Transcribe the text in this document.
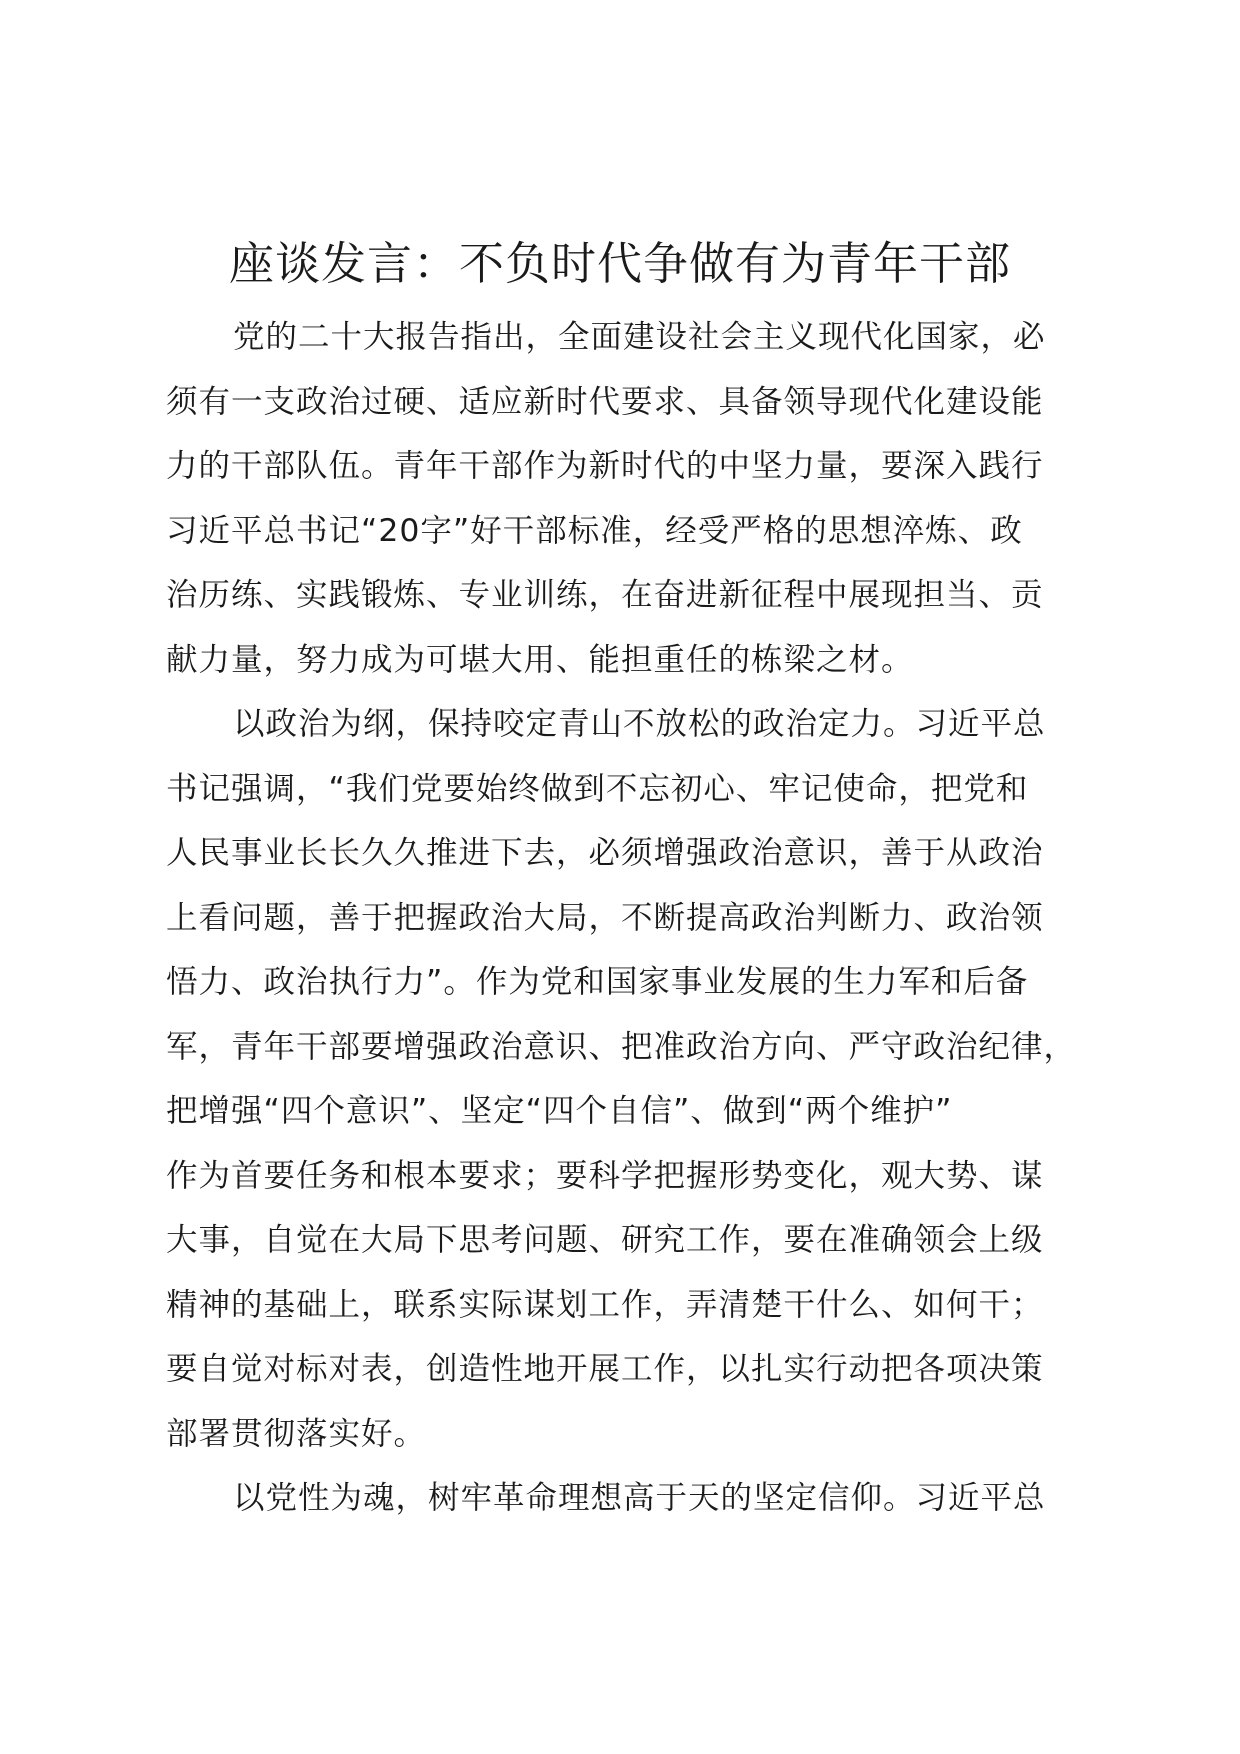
座谈发言：不负时代争做有为青年干部
党的二十大报告指出，全面建设社会主义现代化国家，必
须有一支政治过硬、适应新时代要求、具备领导现代化建设能
力的干部队伍。青年干部作为新时代的中坚力量，要深入践行
习近平总书记“20字”好干部标准，经受严格的思想淬炼、政
治历练、实践锻炼、专业训练，在奋进新征程中展现担当、贡
献力量，努力成为可堪大用、能担重任的栋梁之材。
以政治为纲，保持咬定青山不放松的政治定力。习近平总
书记强调，“我们党要始终做到不忘初心、牢记使命，把党和
人民事业长长久久推进下去，必须增强政治意识，善于从政治
上看问题，善于把握政治大局，不断提高政治判断力、政治领
悟力、政治执行力”。作为党和国家事业发展的生力军和后备
军，青年干部要增强政治意识、把准政治方向、严守政治纪律，
把增强“四个意识”、坚定“四个自信”、做到“两个维护”
作为首要任务和根本要求；要科学把握形势变化，观大势、谋
大事，自觉在大局下思考问题、研究工作，要在准确领会上级
精神的基础上，联系实际谋划工作，弄清楚干什么、如何干；
要自觉对标对表，创造性地开展工作，以扎实行动把各项决策
部署贯彻落实好。
以党性为魂，树牢革命理想高于天的坚定信仰。习近平总
